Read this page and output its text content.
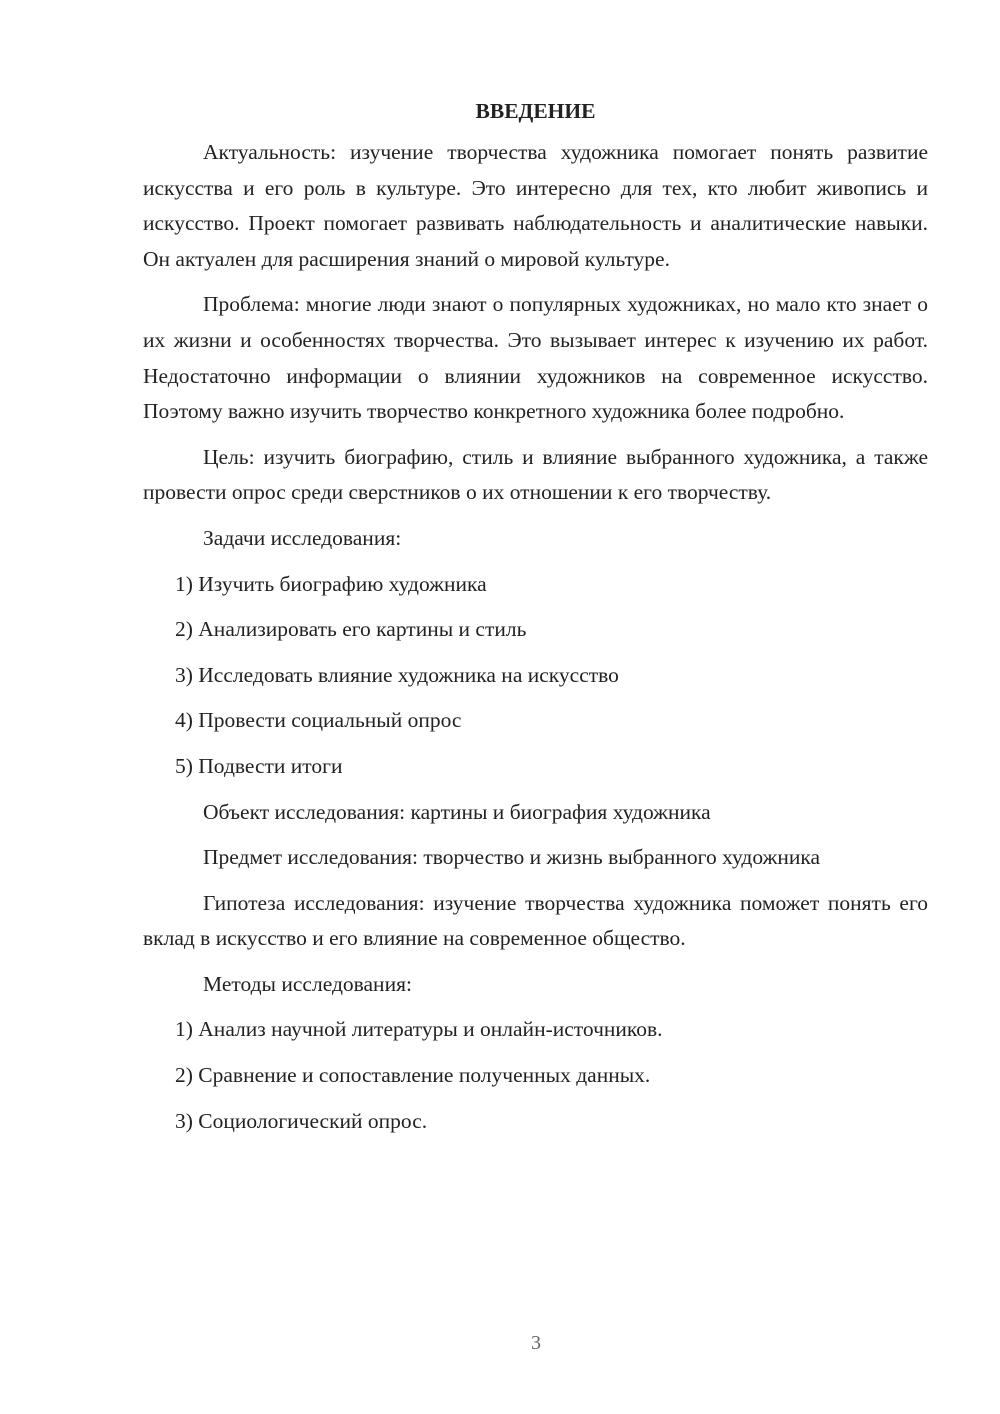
ВВЕДЕНИЕ

Актуальность: изучение творчества художника помогает понять развитие искусства и его роль в культуре. Это интересно для тех, кто любит живопись и искусство. Проект помогает развивать наблюдательность и аналитические навыки. Он актуален для расширения знаний о мировой культуре.

Проблема: многие люди знают о популярных художниках, но мало кто знает о их жизни и особенностях творчества. Это вызывает интерес к изучению их работ. Недостаточно информации о влиянии художников на современное искусство. Поэтому важно изучить творчество конкретного художника более подробно.

Цель: изучить биографию, стиль и влияние выбранного художника, а также провести опрос среди сверстников о их отношении к его творчеству.

Задачи исследования:
1) Изучить биографию художника
2) Анализировать его картины и стиль
3) Исследовать влияние художника на искусство
4) Провести социальный опрос
5) Подвести итоги
Объект исследования: картины и биография художника
Предмет исследования: творчество и жизнь выбранного художника

Гипотеза исследования: изучение творчества художника поможет понять его вклад в искусство и его влияние на современное общество.

Методы исследования:
1) Анализ научной литературы и онлайн-источников.
2) Сравнение и сопоставление полученных данных.
3) Социологический опрос.
3
